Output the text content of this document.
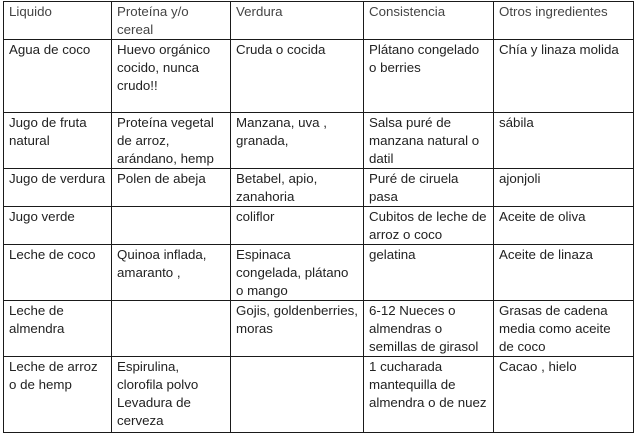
Liquido	Proteína y/o cereal	Verdura	Consistencia	Otros ingredientes
Agua de coco	Huevo orgánico cocido, nunca crudo!!	Cruda o cocida	Plátano congelado o berries	Chía y linaza molida
Jugo de fruta natural	Proteína vegetal de arroz, arándano, hemp	Manzana, uva , granada,	Salsa puré de manzana natural o datil	sábila
Jugo de verdura	Polen de abeja	Betabel, apio, zanahoria	Puré de ciruela pasa	ajonjoli
Jugo verde		coliflor	Cubitos de leche de arroz o coco	Aceite de oliva
Leche de coco	Quinoa inflada, amaranto ,	Espinaca congelada, plátano o mango	gelatina	Aceite de linaza
Leche de almendra		Gojis, goldenberries, moras	6-12 Nueces o almendras o semillas de girasol	Grasas de cadena media como aceite de coco
Leche de arroz o de hemp	Espirulina, clorofila polvo Levadura de cerveza		1 cucharada mantequilla de almendra o de nuez	Cacao , hielo
